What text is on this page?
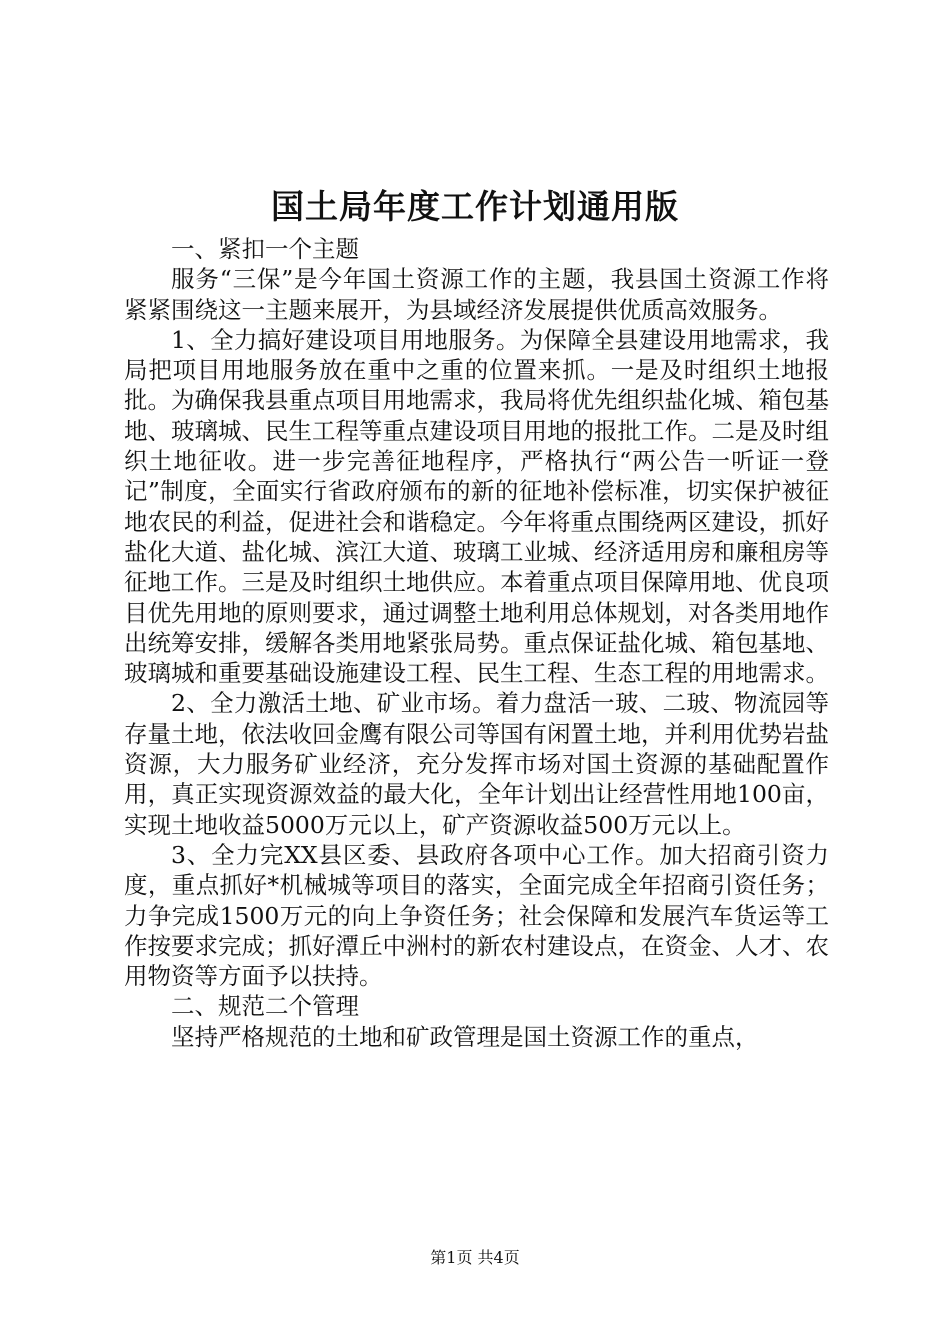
国土局年度工作计划通用版

一、紧扣一个主题

服务“三保”是今年国土资源工作的主题，我县国土资源工作将紧紧围绕这一主题来展开，为县域经济发展提供优质高效服务。

1、全力搞好建设项目用地服务。为保障全县建设用地需求，我局把项目用地服务放在重中之重的位置来抓。一是及时组织土地报批。为确保我县重点项目用地需求，我局将优先组织盐化城、箱包基地、玻璃城、民生工程等重点建设项目用地的报批工作。二是及时组织土地征收。进一步完善征地程序，严格执行“两公告一听证一登记”制度，全面实行省政府颁布的新的征地补偿标准，切实保护被征地农民的利益，促进社会和谐稳定。今年将重点围绕两区建设，抓好盐化大道、盐化城、滨江大道、玻璃工业城、经济适用房和廉租房等征地工作。三是及时组织土地供应。本着重点项目保障用地、优良项目优先用地的原则要求，通过调整土地利用总体规划，对各类用地作出统筹安排，缓解各类用地紧张局势。重点保证盐化城、箱包基地、玻璃城和重要基础设施建设工程、民生工程、生态工程的用地需求。

2、全力激活土地、矿业市场。着力盘活一玻、二玻、物流园等存量土地，依法收回金鹰有限公司等国有闲置土地，并利用优势岩盐资源，大力服务矿业经济，充分发挥市场对国土资源的基础配置作用，真正实现资源效益的最大化，全年计划出让经营性用地100亩，实现土地收益5000万元以上，矿产资源收益500万元以上。

3、全力完XX县区委、县政府各项中心工作。加大招商引资力度，重点抓好*机械城等项目的落实，全面完成全年招商引资任务；力争完成1500万元的向上争资任务；社会保障和发展汽车货运等工作按要求完成；抓好潭丘中洲村的新农村建设点，在资金、人才、农用物资等方面予以扶持。

二、规范二个管理

坚持严格规范的土地和矿政管理是国土资源工作的重点，

第1页 共4页
